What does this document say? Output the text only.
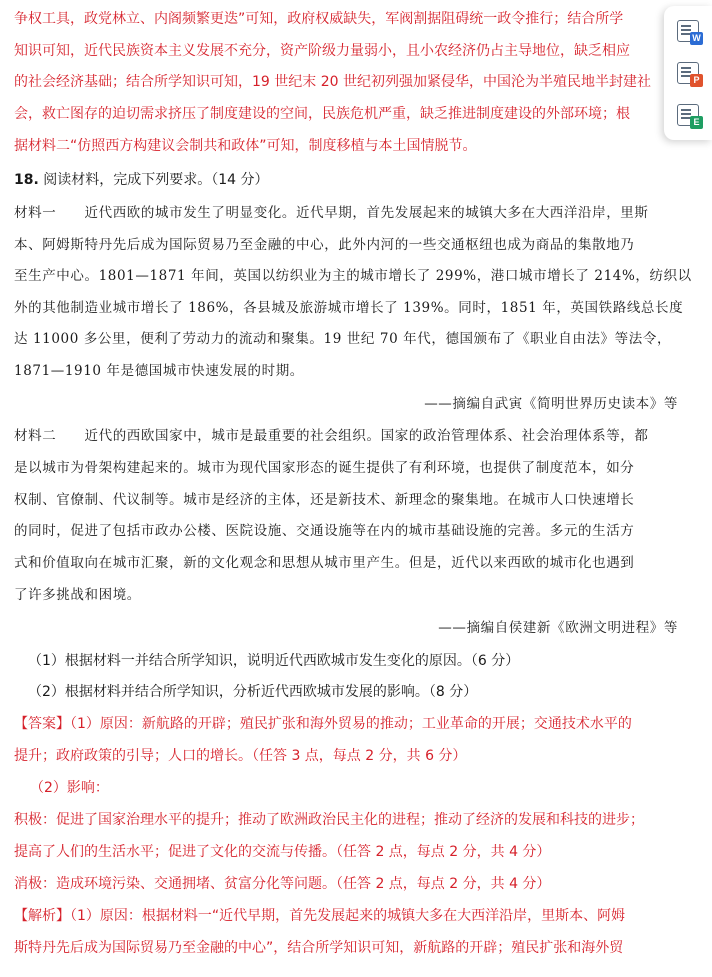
争权工具，政党林立、内阁频繁更迭”可知，政府权威缺失，军阀割据阻碍统一政令推行；结合所学
知识可知，近代民族资本主义发展不充分，资产阶级力量弱小，且小农经济仍占主导地位，缺乏相应
的社会经济基础；结合所学知识可知，19 世纪末 20 世纪初列强加紧侵华，中国沦为半殖民地半封建社
会，救亡图存的迫切需求挤压了制度建设的空间，民族危机严重，缺乏推进制度建设的外部环境；根
据材料二“仿照西方构建议会制共和政体”可知，制度移植与本土国情脱节。
18. 阅读材料，完成下列要求。（14 分）
材料一　　近代西欧的城市发生了明显变化。近代早期，首先发展起来的城镇大多在大西洋沿岸，里斯
本、阿姆斯特丹先后成为国际贸易乃至金融的中心，此外内河的一些交通枢纽也成为商品的集散地乃
至生产中心。1801—1871 年间，英国以纺织业为主的城市增长了 299%，港口城市增长了 214%，纺织以
外的其他制造业城市增长了 186%，各县城及旅游城市增长了 139%。同时，1851 年，英国铁路线总长度
达 11000 多公里，便利了劳动力的流动和聚集。19 世纪 70 年代，德国颁布了《职业自由法》等法令，
1871—1910 年是德国城市快速发展的时期。
——摘编自武寅《简明世界历史读本》等
材料二　　近代的西欧国家中，城市是最重要的社会组织。国家的政治管理体系、社会治理体系等，都
是以城市为骨架构建起来的。城市为现代国家形态的诞生提供了有利环境，也提供了制度范本，如分
权制、官僚制、代议制等。城市是经济的主体，还是新技术、新理念的聚集地。在城市人口快速增长
的同时，促进了包括市政办公楼、医院设施、交通设施等在内的城市基础设施的完善。多元的生活方
式和价值取向在城市汇聚，新的文化观念和思想从城市里产生。但是，近代以来西欧的城市化也遇到
了许多挑战和困境。
——摘编自侯建新《欧洲文明进程》等
（1）根据材料一并结合所学知识，说明近代西欧城市发生变化的原因。（6 分）
（2）根据材料并结合所学知识，分析近代西欧城市发展的影响。（8 分）
【答案】（1）原因：新航路的开辟；殖民扩张和海外贸易的推动；工业革命的开展；交通技术水平的
提升；政府政策的引导；人口的增长。（任答 3 点，每点 2 分，共 6 分）
（2）影响：
积极：促进了国家治理水平的提升；推动了欧洲政治民主化的进程；推动了经济的发展和科技的进步；
提高了人们的生活水平；促进了文化的交流与传播。（任答 2 点，每点 2 分，共 4 分）
消极：造成环境污染、交通拥堵、贫富分化等问题。（任答 2 点，每点 2 分，共 4 分）
【解析】（1）原因：根据材料一“近代早期，首先发展起来的城镇大多在大西洋沿岸，里斯本、阿姆
斯特丹先后成为国际贸易乃至金融的中心”，结合所学知识可知，新航路的开辟；殖民扩张和海外贸
W
P
E
